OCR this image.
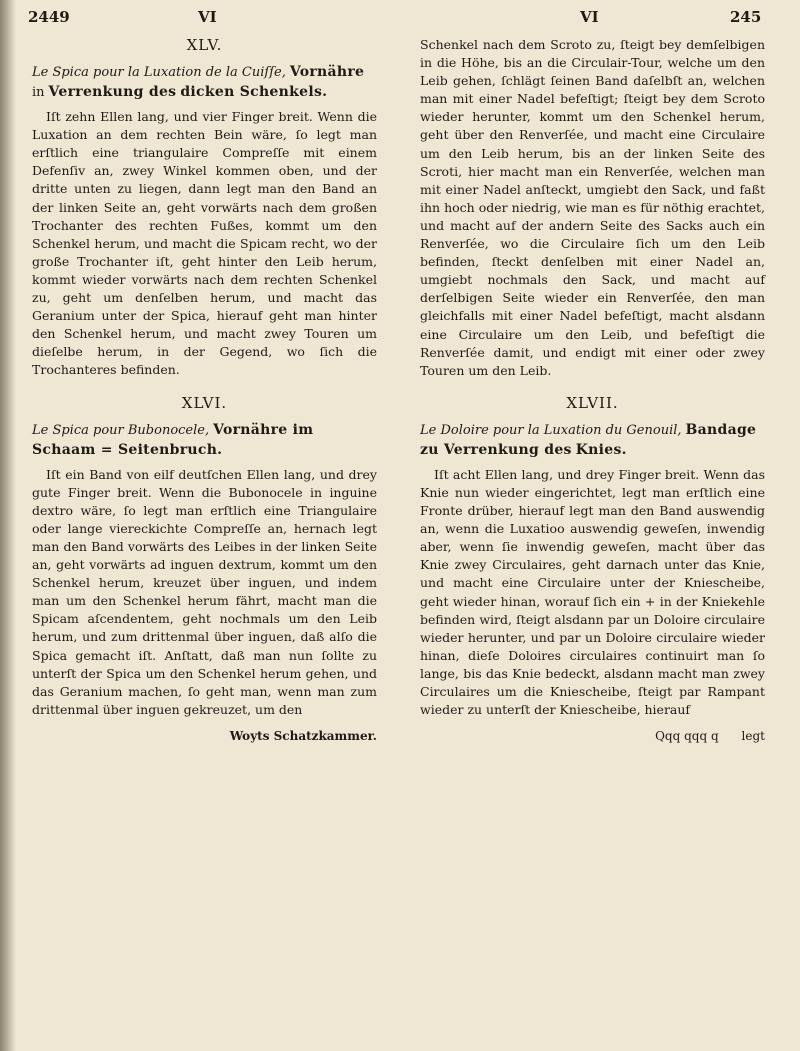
2449	VI	VI	245
XLV.
Le Spica pour la Luxation de la Cuiſſe, Vornähre in Verrenkung des dicken Schenkels.

Iſt zehn Ellen lang, und vier Finger breit. Wenn die Luxation an dem rechten Bein wäre, ſo legt man erſtlich eine triangulaire Compreſſe mit einem Defenſiv an, zwey Winkel kommen oben, und der dritte unten zu liegen, dann legt man den Band an der linken Seite an, geht vorwärts nach dem großen Trochanter des rechten Fußes, kommt um den Schenkel herum, und macht die Spicam recht, wo der große Trochanter iſt, geht hinter den Leib herum, kommt wieder vorwärts nach dem rechten Schenkel zu, geht um denſelben herum, und macht das Geranium unter der Spica, hierauf geht man hinter den Schenkel herum, und macht zwey Touren um dieſelbe herum, in der Gegend, wo ſich die Trochanteres befinden.

XLVI.
Le Spica pour Bubonocele, Vornähre im Schaam = Seitenbruch.

Iſt ein Band von eilf deutſchen Ellen lang, und drey gute Finger breit. Wenn die Bubonocele in inguine dextro wäre, ſo legt man erſtlich eine Triangulaire oder lange viereckichte Compreſſe an, hernach legt man den Band vorwärts des Leibes in der linken Seite an, geht vorwärts ad inguen dextrum, kommt um den Schenkel herum, kreuzet über inguen, und indem man um den Schenkel herum fährt, macht man die Spicam aſcendentem, geht nochmals um den Leib herum, und zum drittenmal über inguen, daß alſo die Spica gemacht iſt. Anſtatt, daß man nun ſollte zu unterſt der Spica um den Schenkel herum gehen, und das Geranium machen, ſo geht man, wenn man zum drittenmal über inguen gekreuzet, um den

Woyts Schatzkammer.

Schenkel nach dem Scroto zu, ſteigt bey demſelbigen in die Höhe, bis an die Circulair-Tour, welche um den Leib gehen, ſchlägt ſeinen Band daſelbſt an, welchen man mit einer Nadel befeſtigt; ſteigt bey dem Scroto wieder herunter, kommt um den Schenkel herum, geht über den Renverſée, und macht eine Circulaire um den Leib herum, bis an der linken Seite des Scroti, hier macht man ein Renverſée, welchen man mit einer Nadel anſteckt, umgiebt den Sack, und faßt ihn hoch oder niedrig, wie man es für nöthig erachtet, und macht auf der andern Seite des Sacks auch ein Renverſée, wo die Circulaire ſich um den Leib befinden, ſteckt denſelben mit einer Nadel an, umgiebt nochmals den Sack, und macht auf derſelbigen Seite wieder ein Renverſée, den man gleichfalls mit einer Nadel befeſtigt, macht alsdann eine Circulaire um den Leib, und befeſtigt die Renverſée damit, und endigt mit einer oder zwey Touren um den Leib.

XLVII.
Le Doloire pour la Luxation du Genouil, Bandage zu Verrenkung des Knies.

Iſt acht Ellen lang, und drey Finger breit. Wenn das Knie nun wieder eingerichtet, legt man erſtlich eine Fronte drüber, hierauf legt man den Band auswendig an, wenn die Luxatioo auswendig geweſen, inwendig aber, wenn ſie inwendig geweſen, macht über das Knie zwey Circulaires, geht darnach unter das Knie, und macht eine Circulaire unter der Kniescheibe, geht wieder hinan, worauf ſich ein + in der Kniekehle befinden wird, ſteigt alsdann par un Doloire circulaire wieder herunter, und par un Doloire circulaire wieder hinan, dieſe Doloires circulaires continuirt man ſo lange, bis das Knie bedeckt, alsdann macht man zwey Circulaires um die Kniescheibe, ſteigt par Rampant wieder zu unterſt der Kniescheibe, hierauf

Qqq qqq q legt
